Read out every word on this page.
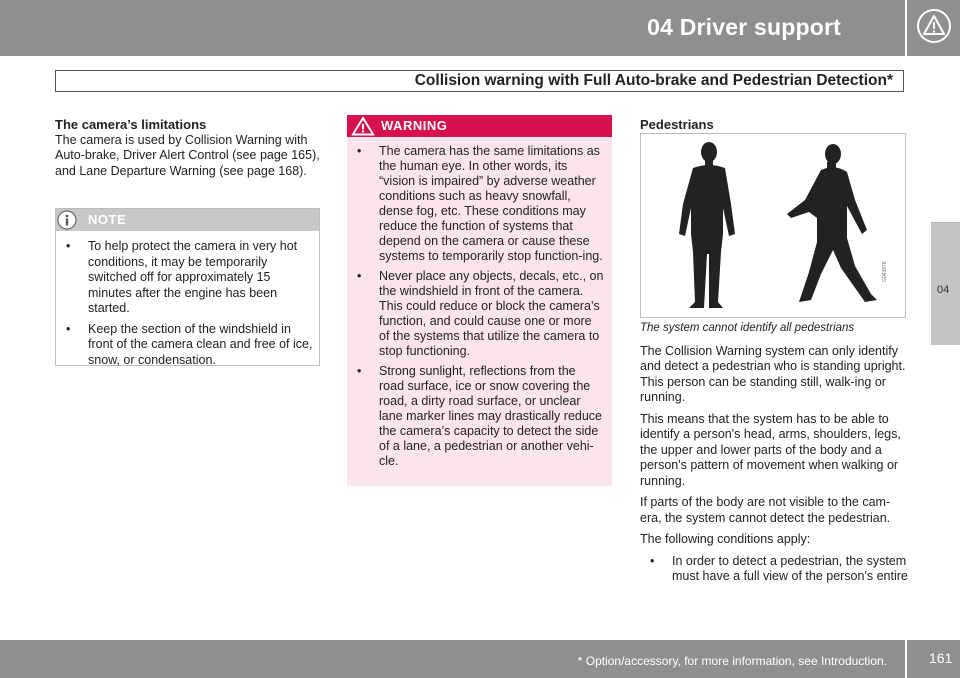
04 Driver support
04
Collision warning with Full Auto-brake and Pedestrian Detection*

The camera’s limitations

The camera is used by Collision Warning with Auto-brake, Driver Alert Control (see page 165), and Lane Departure Warning (see page 168).

NOTE
• To help protect the camera in very hot conditions, it may be temporarily switched off for approximately 15 minutes after the engine has been started.
• Keep the section of the windshield in front of the camera clean and free of ice, snow, or condensation.
WARNING
• The camera has the same limitations as the human eye. In other words, its “vision is impaired” by adverse weather conditions such as heavy snowfall, dense fog, etc. These conditions may reduce the function of systems that depend on the camera or cause these systems to temporarily stop function-ing.
• Never place any objects, decals, etc., on the windshield in front of the camera. This could reduce or block the camera’s function, and could cause one or more of the systems that utilize the camera to stop functioning.
• Strong sunlight, reflections from the road surface, ice or snow covering the road, a dirty road surface, or unclear lane marker lines may drastically reduce the camera’s capacity to detect the side of a lane, a pedestrian or another vehi-cle.

Pedestrians

G043879

The system cannot identify all pedestrians

The Collision Warning system can only identify and detect a pedestrian who is standing upright. This person can be standing still, walk-ing or running.

This means that the system has to be able to identify a person's head, arms, shoulders, legs, the upper and lower parts of the body and a person's pattern of movement when walking or running.

If parts of the body are not visible to the cam-era, the system cannot detect the pedestrian.

The following conditions apply:

• In order to detect a pedestrian, the system must have a full view of the person's entire
* Option/accessory, for more information, see Introduction.	161
